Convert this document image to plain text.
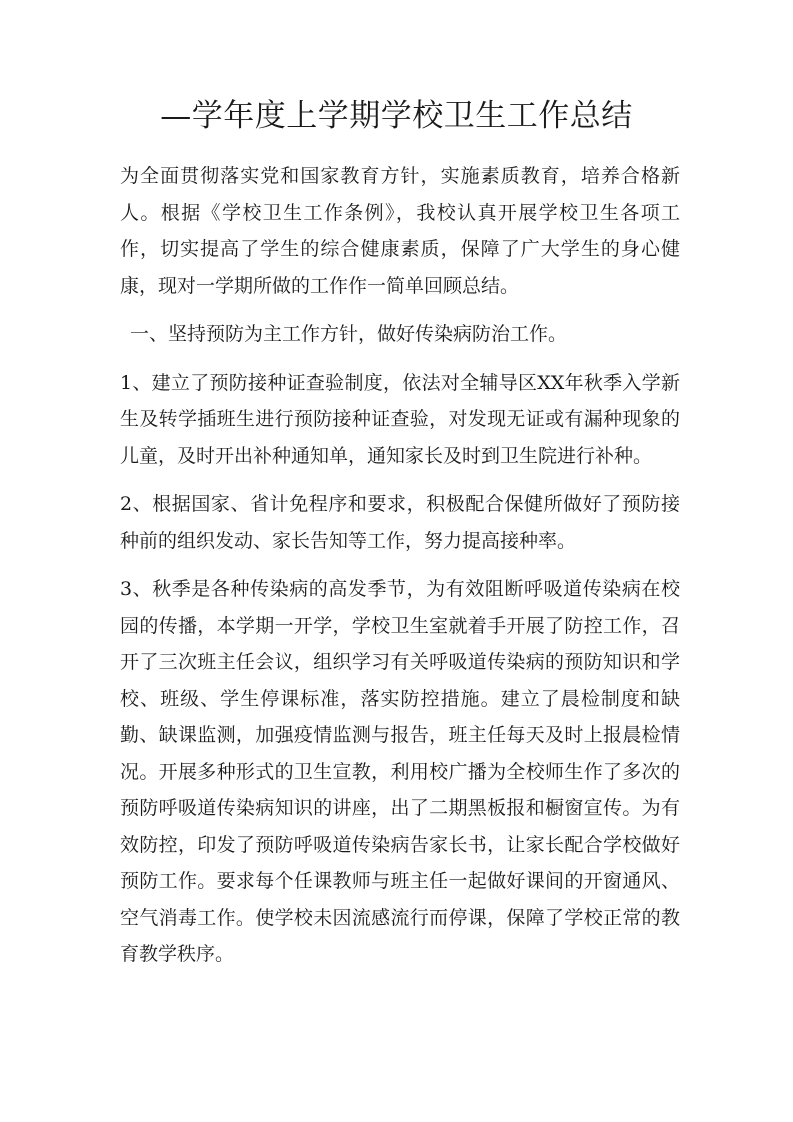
—学年度上学期学校卫生工作总结

为全面贯彻落实党和国家教育方针，实施素质教育，培养合格新人。根据《学校卫生工作条例》，我校认真开展学校卫生各项工作，切实提高了学生的综合健康素质，保障了广大学生的身心健康，现对一学期所做的工作作一简单回顾总结。

一、坚持预防为主工作方针，做好传染病防治工作。

1、建立了预防接种证查验制度，依法对全辅导区XX年秋季入学新生及转学插班生进行预防接种证查验，对发现无证或有漏种现象的儿童，及时开出补种通知单，通知家长及时到卫生院进行补种。

2、根据国家、省计免程序和要求，积极配合保健所做好了预防接种前的组织发动、家长告知等工作，努力提高接种率。

3、秋季是各种传染病的高发季节，为有效阻断呼吸道传染病在校园的传播，本学期一开学，学校卫生室就着手开展了防控工作，召开了三次班主任会议，组织学习有关呼吸道传染病的预防知识和学校、班级、学生停课标准，落实防控措施。建立了晨检制度和缺勤、缺课监测，加强疫情监测与报告，班主任每天及时上报晨检情况。开展多种形式的卫生宣教，利用校广播为全校师生作了多次的预防呼吸道传染病知识的讲座，出了二期黑板报和橱窗宣传。为有效防控，印发了预防呼吸道传染病告家长书，让家长配合学校做好预防工作。要求每个任课教师与班主任一起做好课间的开窗通风、空气消毒工作。使学校未因流感流行而停课，保障了学校正常的教育教学秩序。
